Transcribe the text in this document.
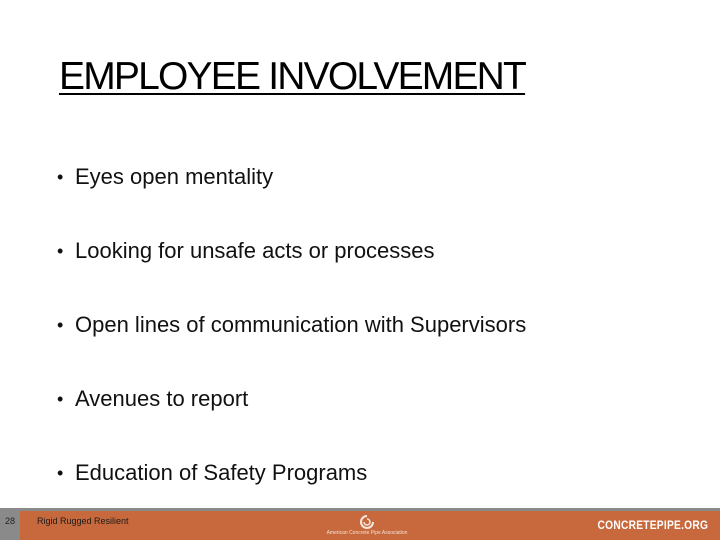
EMPLOYEE INVOLVEMENT
• Eyes open mentality
• Looking for unsafe acts or processes
• Open lines of communication with Supervisors
• Avenues to report
• Education of Safety Programs
28	Rigid Rugged Resilient
American Concrete Pipe Association
CONCRETEPIPE.ORG
